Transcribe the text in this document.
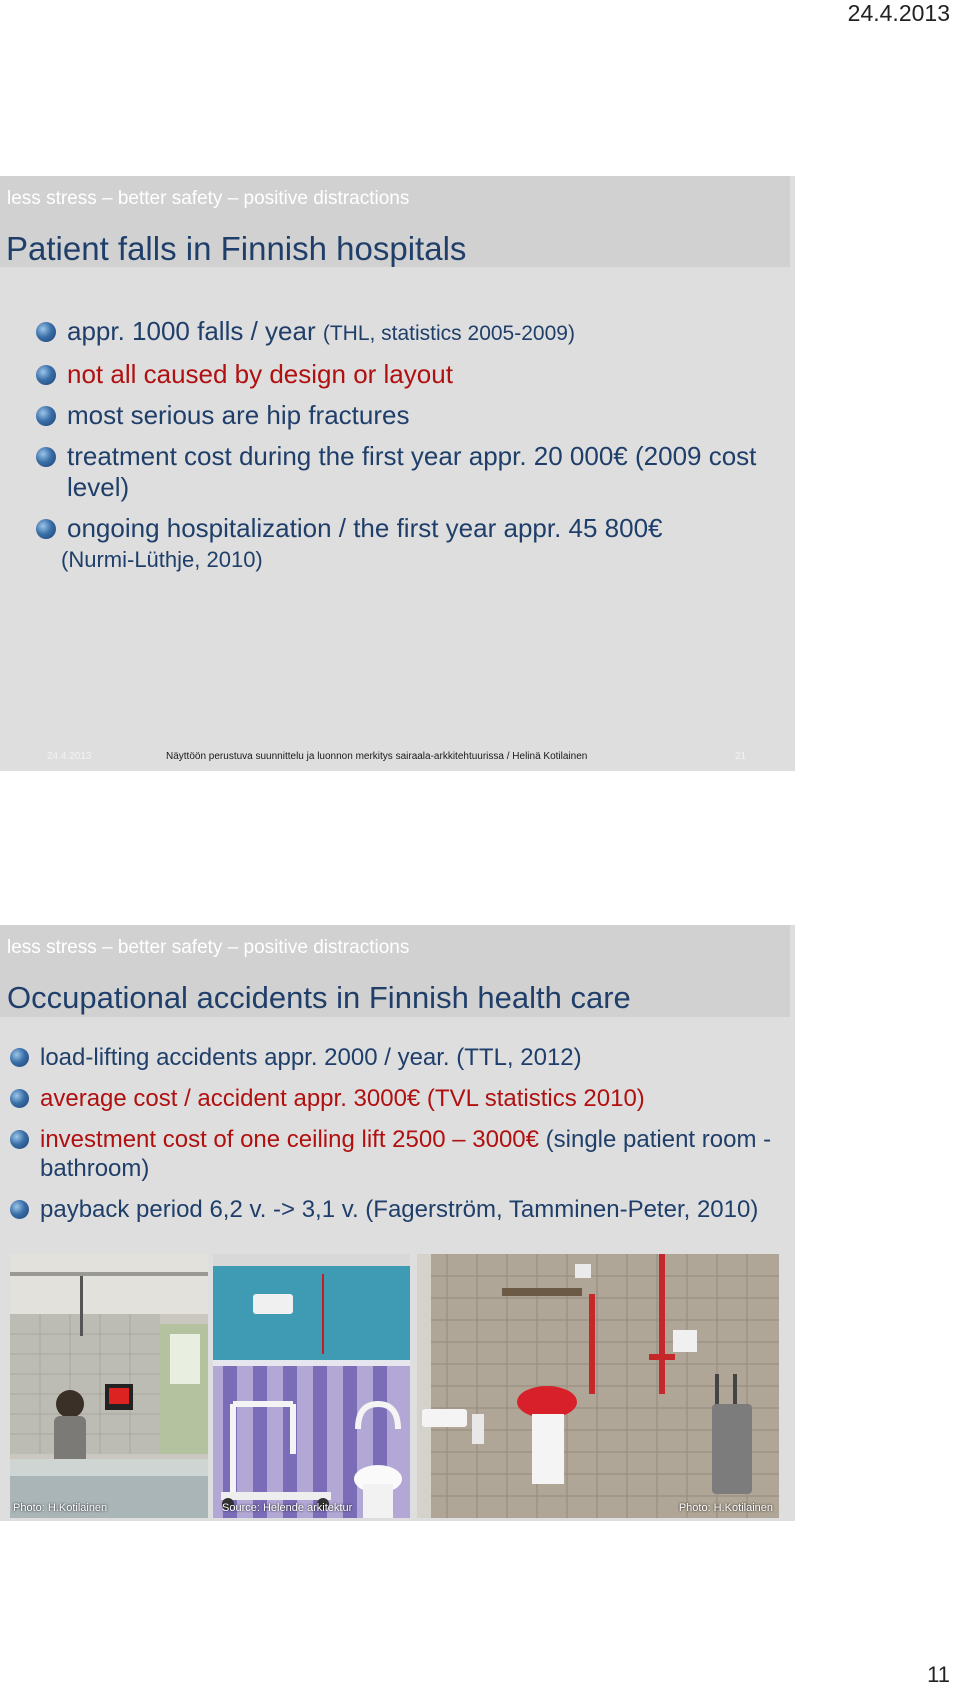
24.4.2013
less stress – better safety – positive distractions
Patient falls in Finnish hospitals
appr. 1000 falls / year (THL, statistics 2005-2009)
not all caused by design or layout
most serious are hip fractures
treatment cost during the first year appr. 20 000€ (2009 cost level)
ongoing hospitalization / the first year appr. 45 800€
(Nurmi-Lüthje, 2010)
24.4.2013	Näyttöön perustuva suunnittelu ja luonnon merkitys sairaala-arkkitehtuurissa / Helinä Kotilainen	21
less stress – better safety – positive distractions
Occupational accidents in Finnish health care
load-lifting accidents appr. 2000 / year. (TTL, 2012)
average cost / accident appr. 3000€ (TVL statistics 2010)
investment cost of one ceiling lift 2500 – 3000€ (single patient room - bathroom)
payback period 6,2 v. -> 3,1 v. (Fagerström, Tamminen-Peter, 2010)
Photo: H.Kotilainen	Source: Helende arkitektur	Photo: H.Kotilainen
11
